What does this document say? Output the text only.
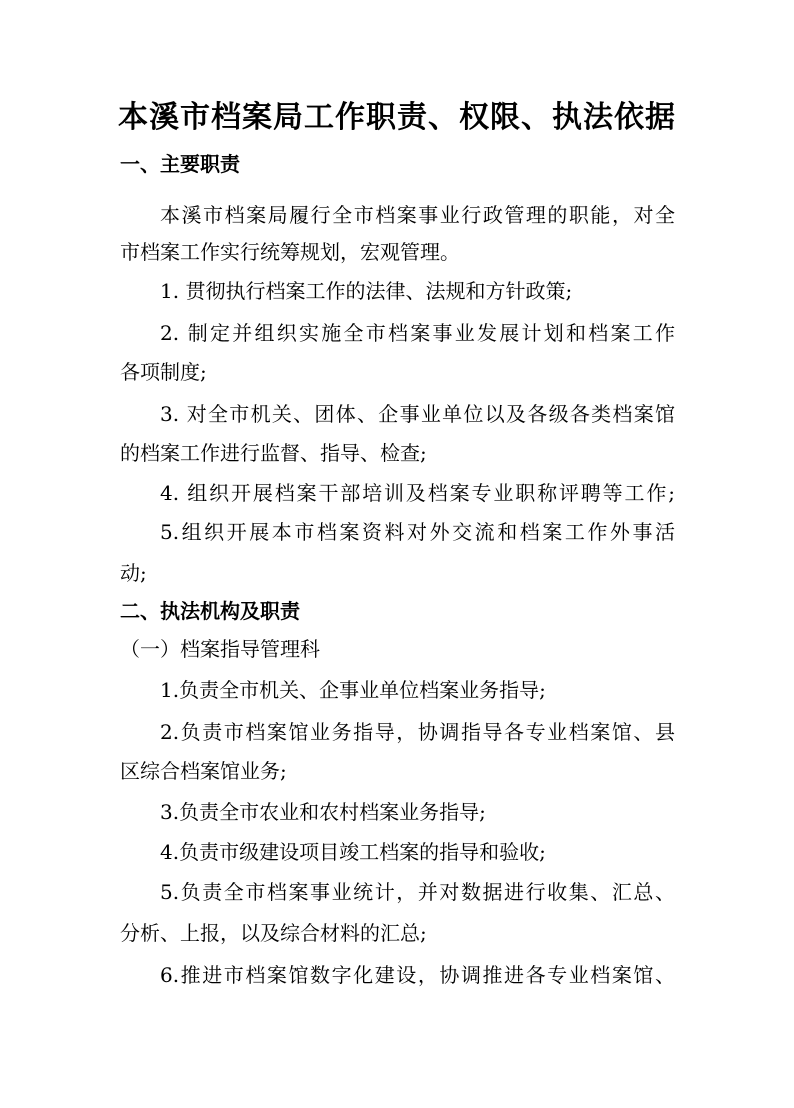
本溪市档案局工作职责、权限、执法依据
一、主要职责
本溪市档案局履行全市档案事业行政管理的职能，对全
市档案工作实行统筹规划，宏观管理。
1. 贯彻执行档案工作的法律、法规和方针政策;
2. 制定并组织实施全市档案事业发展计划和档案工作
各项制度;
3. 对全市机关、团体、企事业单位以及各级各类档案馆
的档案工作进行监督、指导、检查;
4. 组织开展档案干部培训及档案专业职称评聘等工作;
5.组织开展本市档案资料对外交流和档案工作外事活
动;
二、执法机构及职责
（一）档案指导管理科
1.负责全市机关、企事业单位档案业务指导;
2.负责市档案馆业务指导，协调指导各专业档案馆、县
区综合档案馆业务;
3.负责全市农业和农村档案业务指导;
4.负责市级建设项目竣工档案的指导和验收;
5.负责全市档案事业统计，并对数据进行收集、汇总、
分析、上报，以及综合材料的汇总;
6.推进市档案馆数字化建设，协调推进各专业档案馆、
